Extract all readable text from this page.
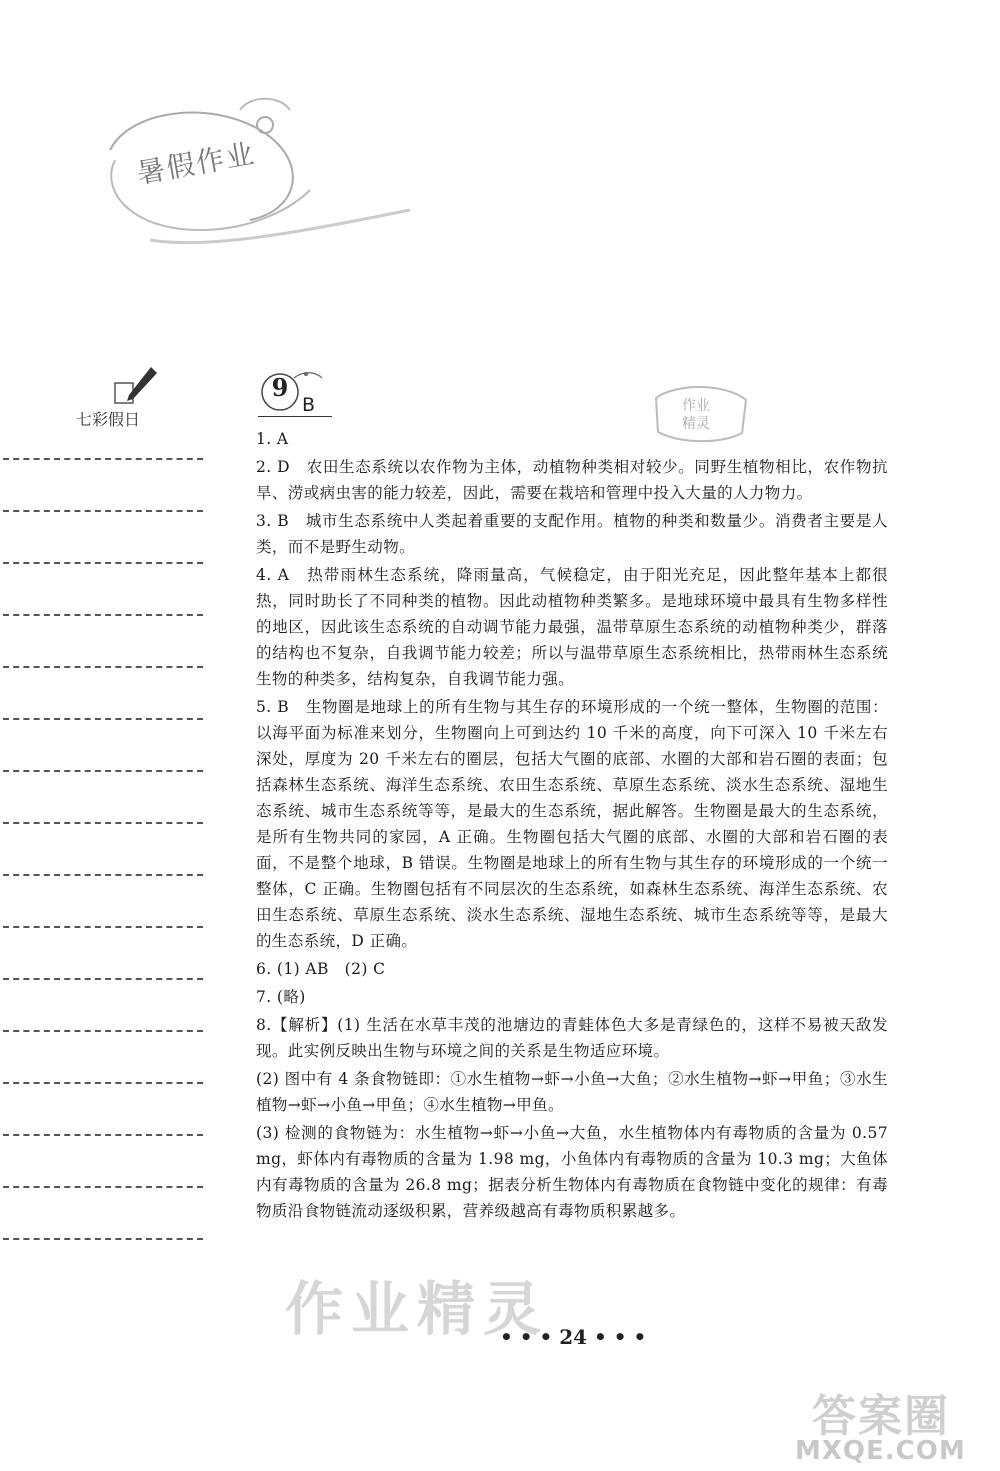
暑假作业
七彩假日
9
B	作业
精灵
1. A
2. D 农田生态系统以农作物为主体，动植物种类相对较少。同野生植物相比，农作物抗旱、涝或病虫害的能力较差，因此，需要在栽培和管理中投入大量的人力物力。
3. B 城市生态系统中人类起着重要的支配作用。植物的种类和数量少。消费者主要是人类，而不是野生动物。
4. A 热带雨林生态系统，降雨量高，气候稳定，由于阳光充足，因此整年基本上都很热，同时助长了不同种类的植物。因此动植物种类繁多。是地球环境中最具有生物多样性的地区，因此该生态系统的自动调节能力最强，温带草原生态系统的动植物种类少，群落的结构也不复杂，自我调节能力较差；所以与温带草原生态系统相比，热带雨林生态系统生物的种类多，结构复杂，自我调节能力强。
5. B 生物圈是地球上的所有生物与其生存的环境形成的一个统一整体，生物圈的范围：以海平面为标准来划分，生物圈向上可到达约 10 千米的高度，向下可深入 10 千米左右深处，厚度为 20 千米左右的圈层，包括大气圈的底部、水圈的大部和岩石圈的表面；包括森林生态系统、海洋生态系统、农田生态系统、草原生态系统、淡水生态系统、湿地生态系统、城市生态系统等等，是最大的生态系统，据此解答。生物圈是最大的生态系统，是所有生物共同的家园，A 正确。生物圈包括大气圈的底部、水圈的大部和岩石圈的表面，不是整个地球，B 错误。生物圈是地球上的所有生物与其生存的环境形成的一个统一整体，C 正确。生物圈包括有不同层次的生态系统，如森林生态系统、海洋生态系统、农田生态系统、草原生态系统、淡水生态系统、湿地生态系统、城市生态系统等等，是最大的生态系统，D 正确。
6. (1) AB　(2) C
7. (略)
8.【解析】(1) 生活在水草丰茂的池塘边的青蛙体色大多是青绿色的，这样不易被天敌发现。此实例反映出生物与环境之间的关系是生物适应环境。
(2) 图中有 4 条食物链即：①水生植物→虾→小鱼→大鱼；②水生植物→虾→甲鱼；③水生植物→虾→小鱼→甲鱼；④水生植物→甲鱼。
(3) 检测的食物链为：水生植物→虾→小鱼→大鱼，水生植物体内有毒物质的含量为 0.57 mg，虾体内有毒物质的含量为 1.98 mg，小鱼体内有毒物质的含量为 10.3 mg；大鱼体内有毒物质的含量为 26.8 mg；据表分析生物体内有毒物质在食物链中变化的规律：有毒物质沿食物链流动逐级积累，营养级越高有毒物质积累越多。
作业精灵
• • • 24 • • •
答案圈
MXQE.COM
